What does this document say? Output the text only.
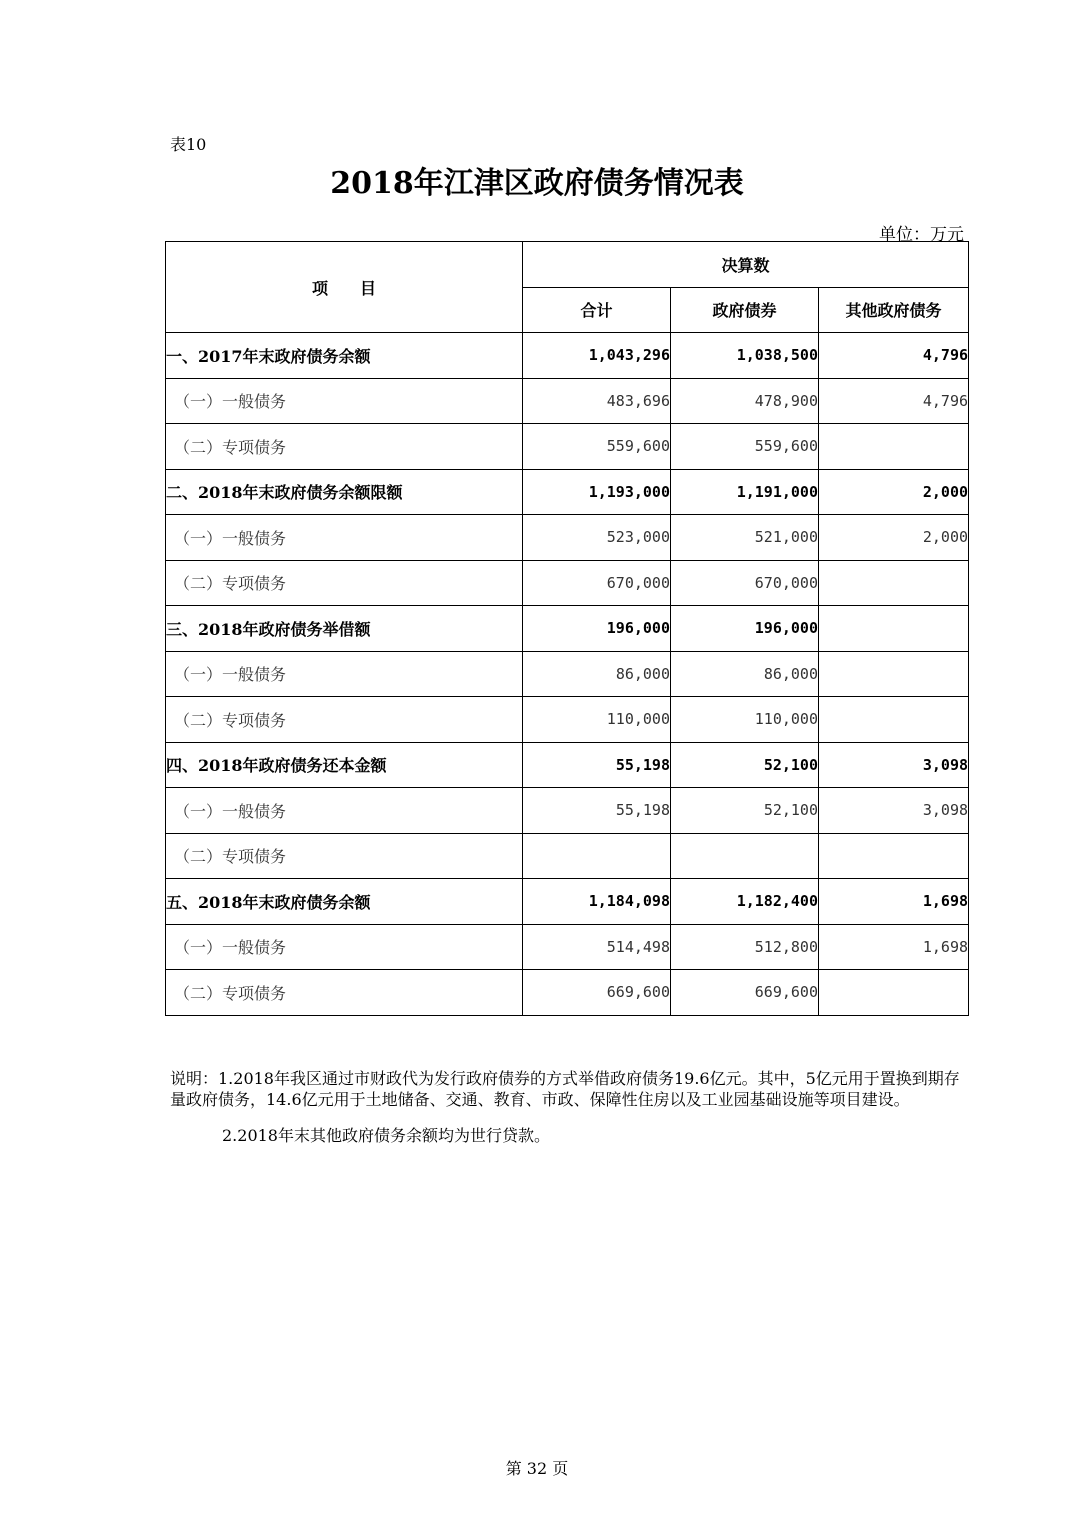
表10
2018年江津区政府债务情况表
单位：万元
项　　目	决算数		
	合计	政府债券	其他政府债务
一、2017年末政府债务余额	1,043,296	1,038,500	4,796
（一）一般债务	483,696	478,900	4,796
（二）专项债务	559,600	559,600	
二、2018年末政府债务余额限额	1,193,000	1,191,000	2,000
（一）一般债务	523,000	521,000	2,000
（二）专项债务	670,000	670,000	
三、2018年政府债务举借额	196,000	196,000	
（一）一般债务	86,000	86,000	
（二）专项债务	110,000	110,000	
四、2018年政府债务还本金额	55,198	52,100	3,098
（一）一般债务	55,198	52,100	3,098
（二）专项债务			
五、2018年末政府债务余额	1,184,098	1,182,400	1,698
（一）一般债务	514,498	512,800	1,698
（二）专项债务	669,600	669,600	

说明：1.2018年我区通过市财政代为发行政府债券的方式举借政府债务19.6亿元。其中，5亿元用于置换到期存量政府债务，14.6亿元用于土地储备、交通、教育、市政、保障性住房以及工业园基础设施等项目建设。

2.2018年末其他政府债务余额均为世行贷款。

第 32 页
